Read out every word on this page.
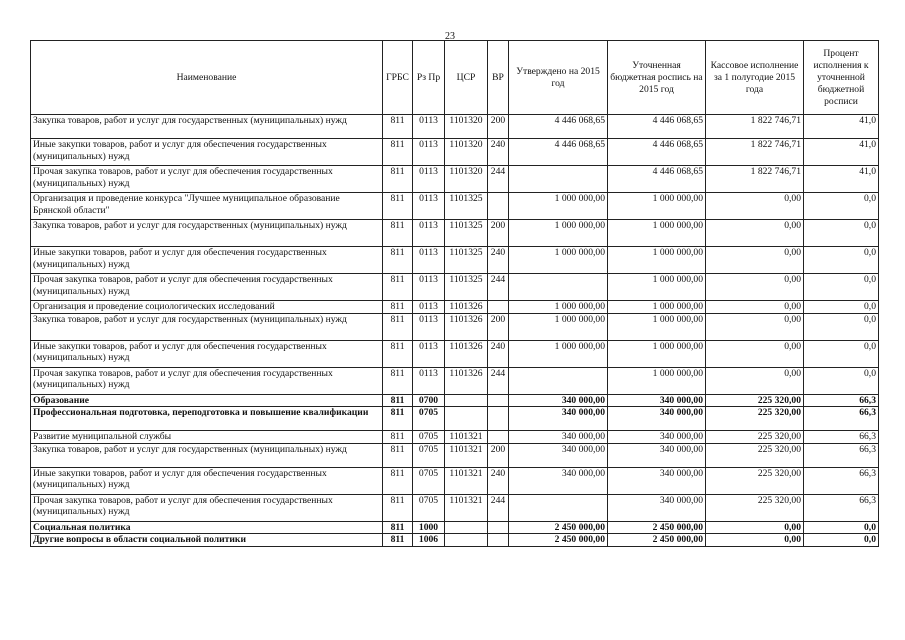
23
Наименование	ГРБС	Рз Пр	ЦСР	ВР	Утверждено на 2015 год	Уточненная бюджетная роспись на 2015 год	Кассовое исполнение за 1 полугодие 2015 года	Процент исполнения к уточненной бюджетной росписи
Закупка товаров, работ и услуг для государственных (муниципальных) нужд	811	0113	1101320	200	4 446 068,65	4 446 068,65	1 822 746,71	41,0
Иные закупки товаров, работ и услуг для обеспечения государственных (муниципальных) нужд	811	0113	1101320	240	4 446 068,65	4 446 068,65	1 822 746,71	41,0
Прочая закупка товаров, работ и услуг для обеспечения государственных (муниципальных) нужд	811	0113	1101320	244		4 446 068,65	1 822 746,71	41,0
Организация и проведение конкурса "Лучшее муниципальное образование Брянской области"	811	0113	1101325		1 000 000,00	1 000 000,00	0,00	0,0
Закупка товаров, работ и услуг для государственных (муниципальных) нужд	811	0113	1101325	200	1 000 000,00	1 000 000,00	0,00	0,0
Иные закупки товаров, работ и услуг для обеспечения государственных (муниципальных) нужд	811	0113	1101325	240	1 000 000,00	1 000 000,00	0,00	0,0
Прочая закупка товаров, работ и услуг для обеспечения государственных (муниципальных) нужд	811	0113	1101325	244		1 000 000,00	0,00	0,0
Организация и проведение социологических исследований	811	0113	1101326		1 000 000,00	1 000 000,00	0,00	0,0
Закупка товаров, работ и услуг для государственных (муниципальных) нужд	811	0113	1101326	200	1 000 000,00	1 000 000,00	0,00	0,0
Иные закупки товаров, работ и услуг для обеспечения государственных (муниципальных) нужд	811	0113	1101326	240	1 000 000,00	1 000 000,00	0,00	0,0
Прочая закупка товаров, работ и услуг для обеспечения государственных (муниципальных) нужд	811	0113	1101326	244		1 000 000,00	0,00	0,0
Образование	811	0700			340 000,00	340 000,00	225 320,00	66,3
Профессиональная подготовка, переподготовка и повышение квалификации	811	0705			340 000,00	340 000,00	225 320,00	66,3
Развитие муниципальной службы	811	0705	1101321		340 000,00	340 000,00	225 320,00	66,3
Закупка товаров, работ и услуг для государственных (муниципальных) нужд	811	0705	1101321	200	340 000,00	340 000,00	225 320,00	66,3
Иные закупки товаров, работ и услуг для обеспечения государственных (муниципальных) нужд	811	0705	1101321	240	340 000,00	340 000,00	225 320,00	66,3
Прочая закупка товаров, работ и услуг для обеспечения государственных (муниципальных) нужд	811	0705	1101321	244		340 000,00	225 320,00	66,3
Социальная политика	811	1000			2 450 000,00	2 450 000,00	0,00	0,0
Другие вопросы в области социальной политики	811	1006			2 450 000,00	2 450 000,00	0,00	0,0
